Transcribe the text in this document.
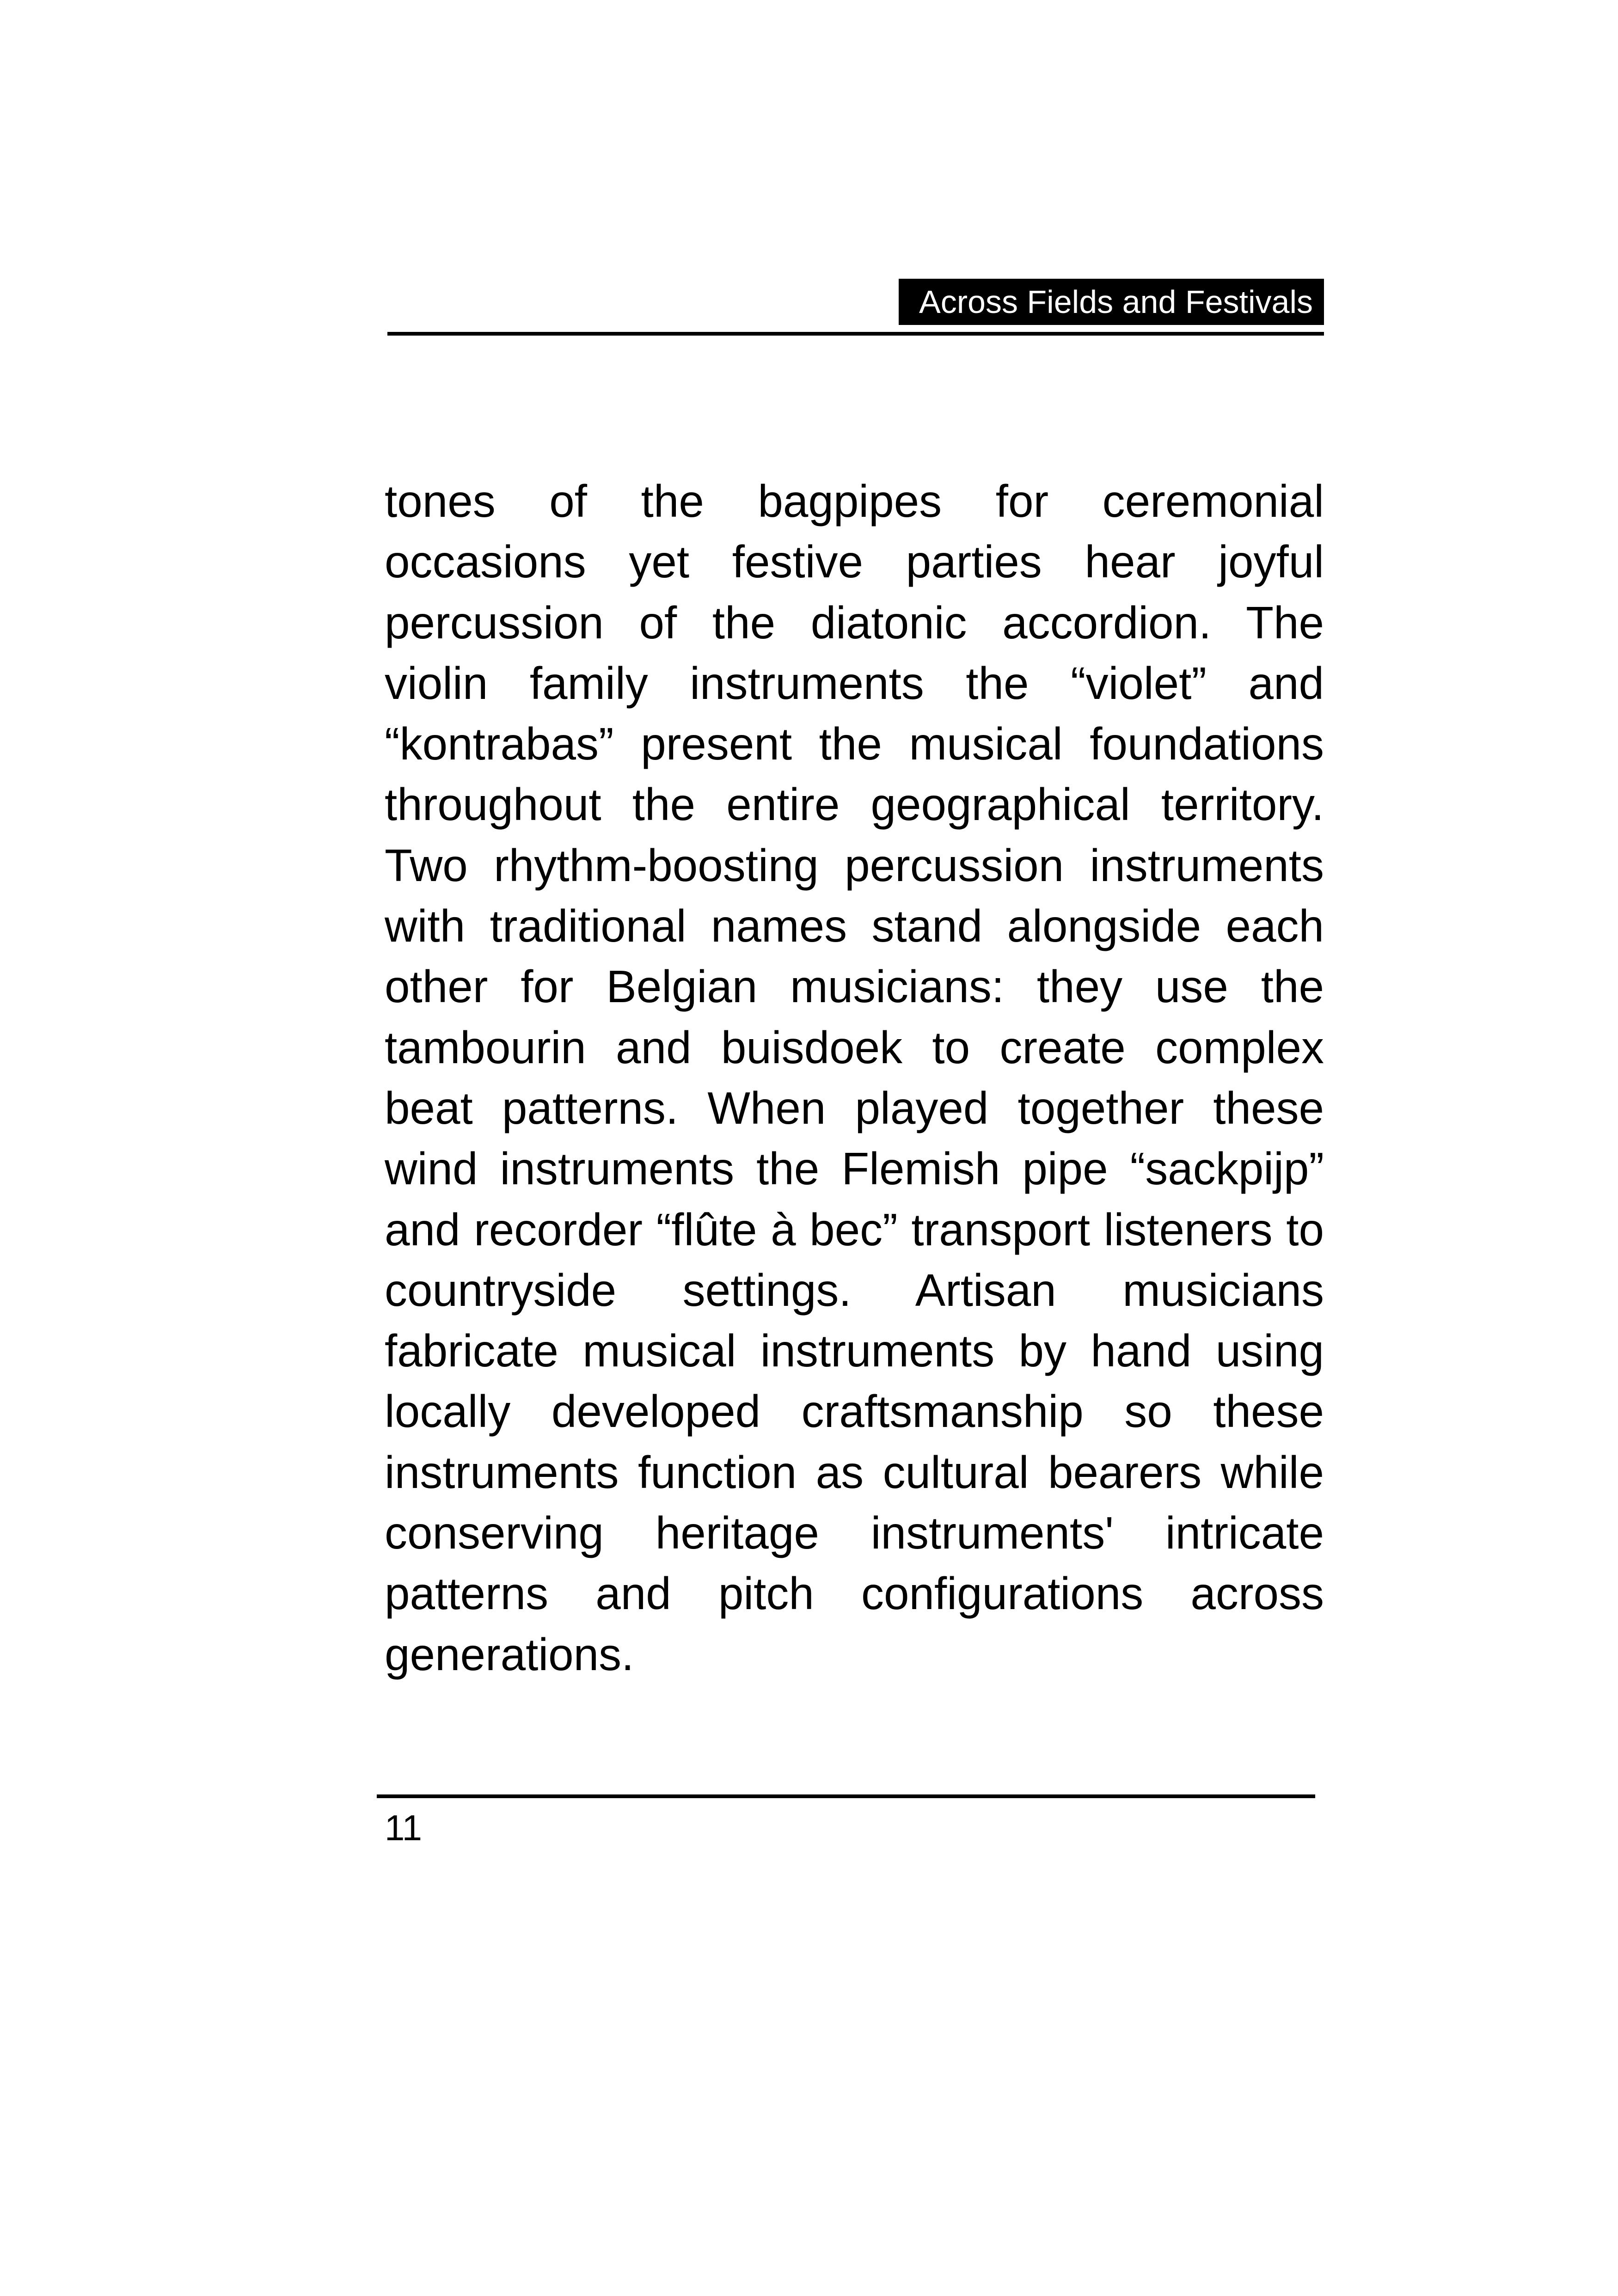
Across Fields and Festivals
tones of the bagpipes for ceremonial
occasions yet festive parties hear joyful
percussion of the diatonic accordion. The
violin family instruments the “violet” and
“kontrabas” present the musical foundations
throughout the entire geographical territory.
Two rhythm-boosting percussion instruments
with traditional names stand alongside each
other for Belgian musicians: they use the
tambourin and buisdoek to create complex
beat patterns. When played together these
wind instruments the Flemish pipe “sackpijp”
and recorder “flûte à bec” transport listeners to
countryside settings. Artisan musicians
fabricate musical instruments by hand using
locally developed craftsmanship so these
instruments function as cultural bearers while
conserving heritage instruments' intricate
patterns and pitch configurations across
generations.
11
